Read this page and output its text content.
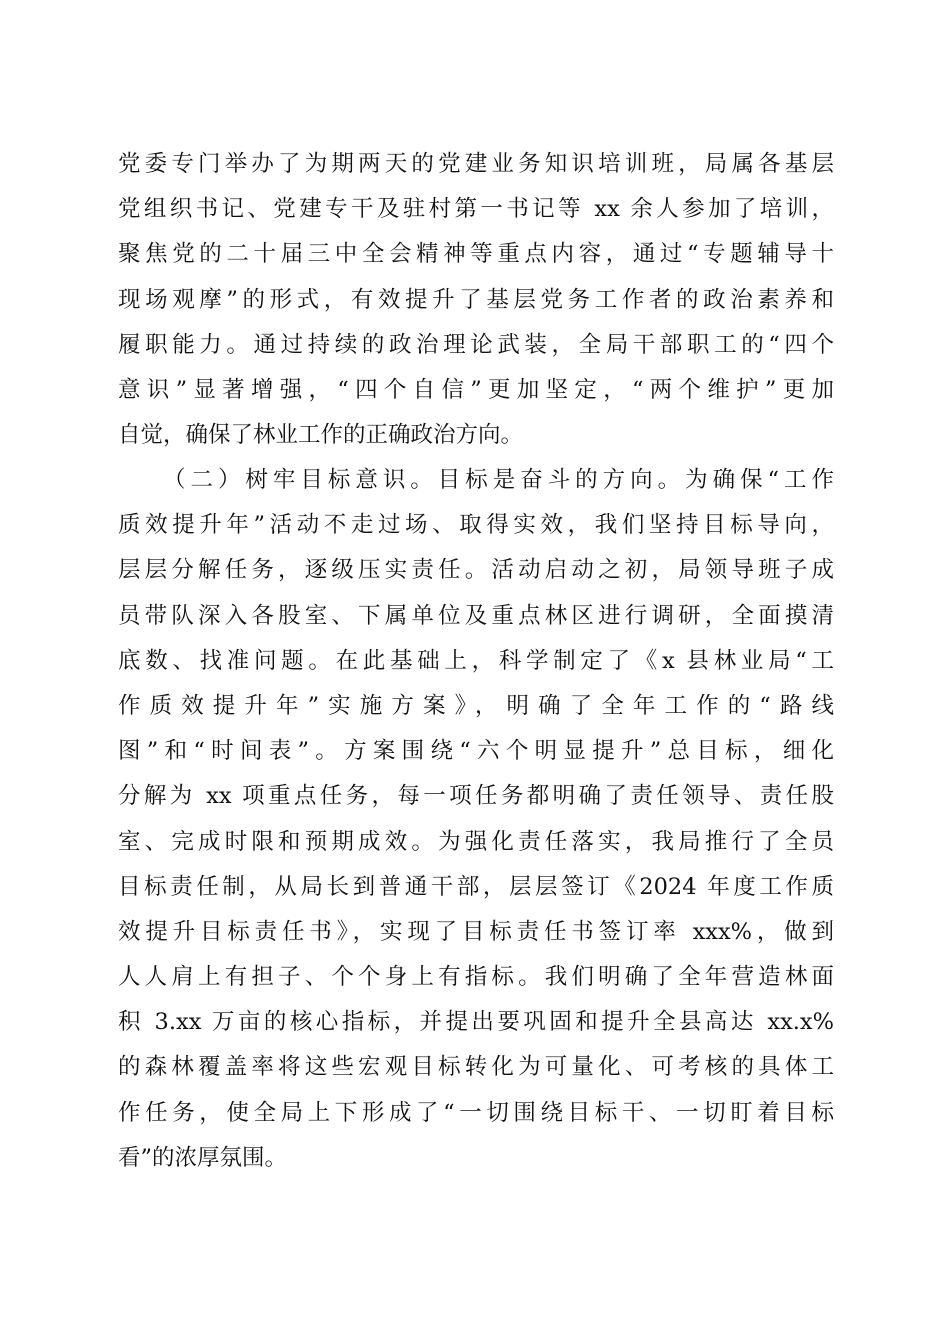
党委专门举办了为期两天的党建业务知识培训班，局属各基层
党组织书记、党建专干及驻村第一书记等 xx 余人参加了培训，
聚焦党的二十届三中全会精神等重点内容，通过“专题辅导十
现场观摩”的形式，有效提升了基层党务工作者的政治素养和
履职能力。通过持续的政治理论武装，全局干部职工的“四个
意识”显著增强，“四个自信”更加坚定，“两个维护”更加
自觉，确保了林业工作的正确政治方向。
（二）树牢目标意识。目标是奋斗的方向。为确保“工作
质效提升年”活动不走过场、取得实效，我们坚持目标导向，
层层分解任务，逐级压实责任。活动启动之初，局领导班子成
员带队深入各股室、下属单位及重点林区进行调研，全面摸清
底数、找准问题。在此基础上，科学制定了《x 县林业局“工
作质效提升年”实施方案》，明确了全年工作的“路线
图”和“时间表”。方案围绕“六个明显提升”总目标，细化
分解为 xx 项重点任务，每一项任务都明确了责任领导、责任股
室、完成时限和预期成效。为强化责任落实，我局推行了全员
目标责任制，从局长到普通干部，层层签订《2024 年度工作质
效提升目标责任书》，实现了目标责任书签订率 xxx%，做到
人人肩上有担子、个个身上有指标。我们明确了全年营造林面
积 3.xx 万亩的核心指标，并提出要巩固和提升全县高达 xx.x%
的森林覆盖率将这些宏观目标转化为可量化、可考核的具体工
作任务，使全局上下形成了“一切围绕目标干、一切盯着目标
看”的浓厚氛围。
